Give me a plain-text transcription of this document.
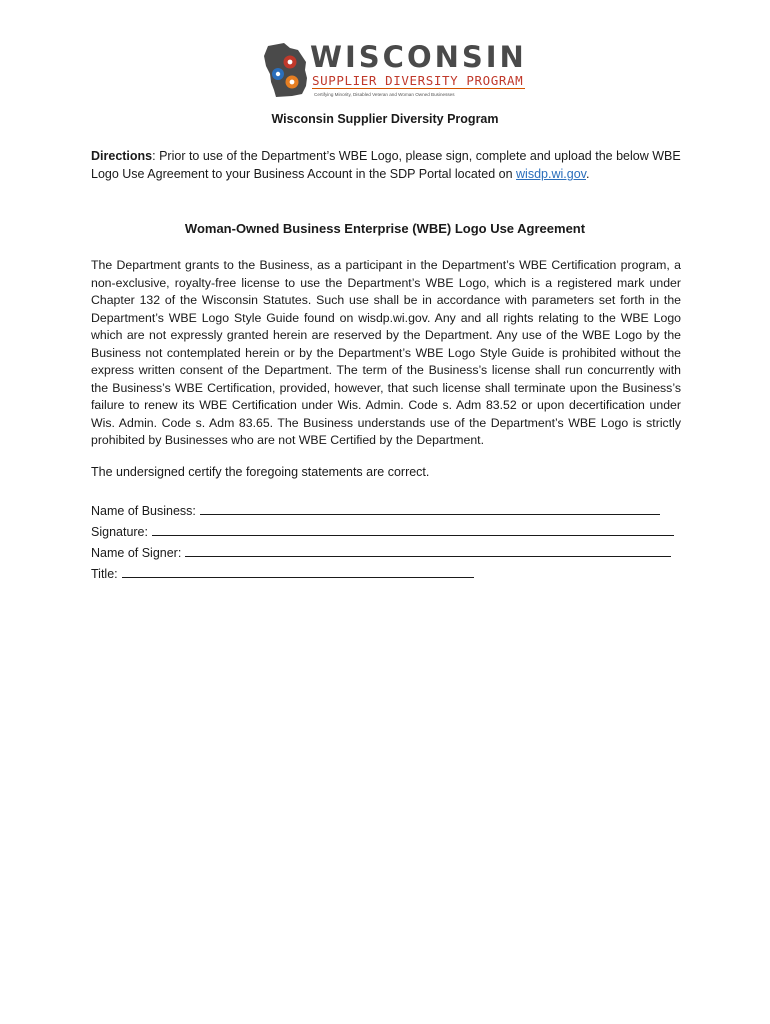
WISCONSIN
SUPPLIER DIVERSITY PROGRAM
Certifying Minority, Disabled Veteran and Woman Owned Businesses
Wisconsin Supplier Diversity Program
Directions: Prior to use of the Department’s WBE Logo, please sign, complete and upload the below WBE Logo Use Agreement to your Business Account in the SDP Portal located on wisdp.wi.gov.
Woman-Owned Business Enterprise (WBE) Logo Use Agreement

The Department grants to the Business, as a participant in the Department’s WBE Certification program, a non-exclusive, royalty-free license to use the Department’s WBE Logo, which is a registered mark under Chapter 132 of the Wisconsin Statutes. Such use shall be in accordance with parameters set forth in the Department’s WBE Logo Style Guide found on wisdp.wi.gov. Any and all rights relating to the WBE Logo which are not expressly granted herein are reserved by the Department. Any use of the WBE Logo by the Business not contemplated herein or by the Department’s WBE Logo Style Guide is prohibited without the express written consent of the Department. The term of the Business’s license shall run concurrently with the Business’s WBE Certification, provided, however, that such license shall terminate upon the Business’s failure to renew its WBE Certification under Wis. Admin. Code s. Adm 83.52 or upon decertification under Wis. Admin. Code s. Adm 83.65. The Business understands use of the Department’s WBE Logo is strictly prohibited by Businesses who are not WBE Certified by the Department.

The undersigned certify the foregoing statements are correct.
Name of Business:
Signature:
Name of Signer:
Title:
